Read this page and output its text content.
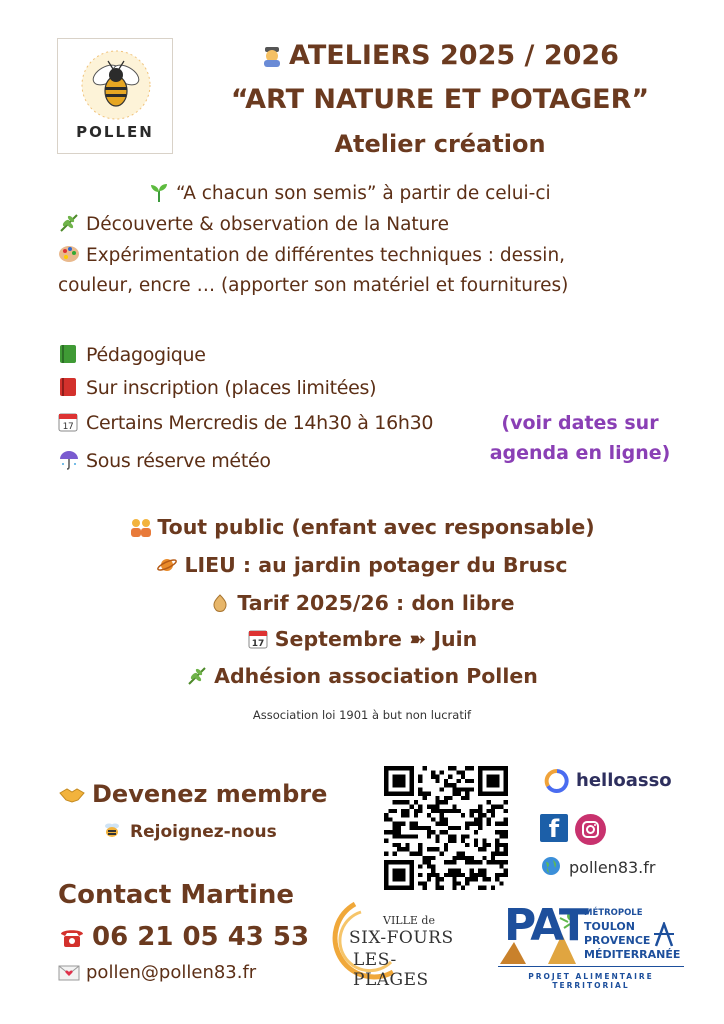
POLLEN
ATELIERS 2025 / 2026
“ART NATURE ET POTAGER”
Atelier création
“A chacun son semis” à partir de celui-ci
Découverte & observation de la Nature
Expérimentation de différentes techniques : dessin,
couleur, encre … (apporter son matériel et fournitures)
Pédagogique
Sur inscription (places limitées)
17 Certains Mercredis de 14h30 à 16h30
Sous réserve météo
(voir dates sur
agenda en ligne)
Tout public (enfant avec responsable)
LIEU : au jardin potager du Brusc
Tarif 2025/26 : don libre
17 Septembre ➽ Juin
Adhésion association Pollen
Association loi 1901 à but non lucratif
Devenez membre
Rejoignez-nous
Contact Martine
06 21 05 43 53
pollen@pollen83.fr
helloasso
f
pollen83.fr
VILLE de
SIX-FOURS
LES-PLAGES
PAT
MÉTROPOLE
TOULON
PROVENCE
MÉDITERRANÉE
PROJET ALIMENTAIRE TERRITORIAL
